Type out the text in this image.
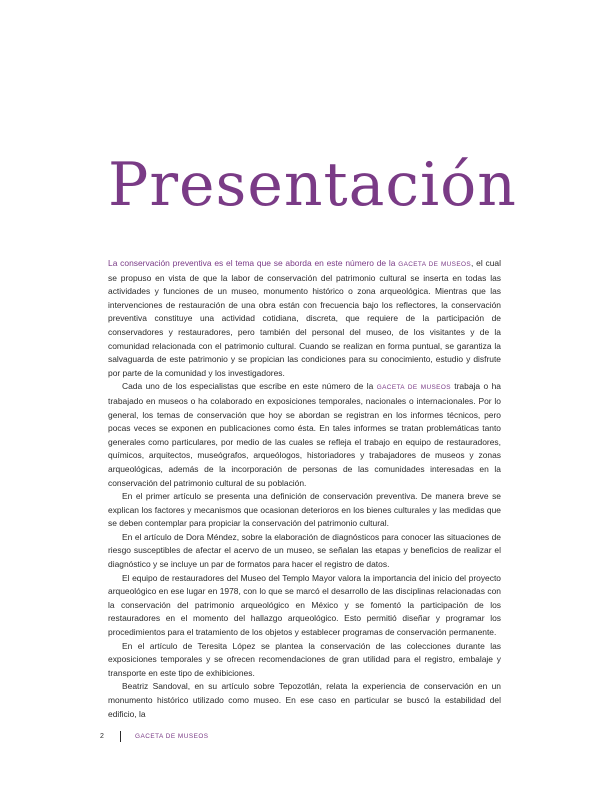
Presentación

La conservación preventiva es el tema que se aborda en este número de la GACETA DE MUSEOS, el cual se propuso en vista de que la labor de conservación del patrimonio cultural se inserta en todas las actividades y funciones de un museo, monumento histórico o zona arqueológica. Mientras que las intervenciones de restauración de una obra están con frecuencia bajo los reflectores, la conservación preventiva constituye una actividad cotidiana, discreta, que requiere de la participación de conservadores y restauradores, pero también del personal del museo, de los visitantes y de la comunidad relacionada con el patrimonio cultural. Cuando se realizan en forma puntual, se garantiza la salvaguarda de este patrimonio y se propician las condiciones para su conocimiento, estudio y disfrute por parte de la comunidad y los investigadores.

Cada uno de los especialistas que escribe en este número de la GACETA DE MUSEOS trabaja o ha trabajado en museos o ha colaborado en exposiciones temporales, nacionales o internacionales. Por lo general, los temas de conservación que hoy se abordan se registran en los informes técnicos, pero pocas veces se exponen en publicaciones como ésta. En tales informes se tratan problemáticas tanto generales como particulares, por medio de las cuales se refleja el trabajo en equipo de restauradores, químicos, arquitectos, museógrafos, arqueólogos, historiadores y trabajadores de museos y zonas arqueológicas, además de la incorporación de personas de las comunidades interesadas en la conservación del patrimonio cultural de su población.

En el primer artículo se presenta una definición de conservación preventiva. De manera breve se explican los factores y mecanismos que ocasionan deterioros en los bienes culturales y las medidas que se deben contemplar para propiciar la conservación del patrimonio cultural.

En el artículo de Dora Méndez, sobre la elaboración de diagnósticos para conocer las situaciones de riesgo susceptibles de afectar el acervo de un museo, se señalan las etapas y beneficios de realizar el diagnóstico y se incluye un par de formatos para hacer el registro de datos.

El equipo de restauradores del Museo del Templo Mayor valora la importancia del inicio del proyecto arqueológico en ese lugar en 1978, con lo que se marcó el desarrollo de las disciplinas relacionadas con la conservación del patrimonio arqueológico en México y se fomentó la participación de los restauradores en el momento del hallazgo arqueológico. Esto permitió diseñar y programar los procedimientos para el tratamiento de los objetos y establecer programas de conservación permanente.

En el artículo de Teresita López se plantea la conservación de las colecciones durante las exposiciones temporales y se ofrecen recomendaciones de gran utilidad para el registro, embalaje y transporte en este tipo de exhibiciones.

Beatriz Sandoval, en su artículo sobre Tepozotlán, relata la experiencia de conservación en un monumento histórico utilizado como museo. En ese caso en particular se buscó la estabilidad del edificio, la

2	GACETA DE MUSEOS
